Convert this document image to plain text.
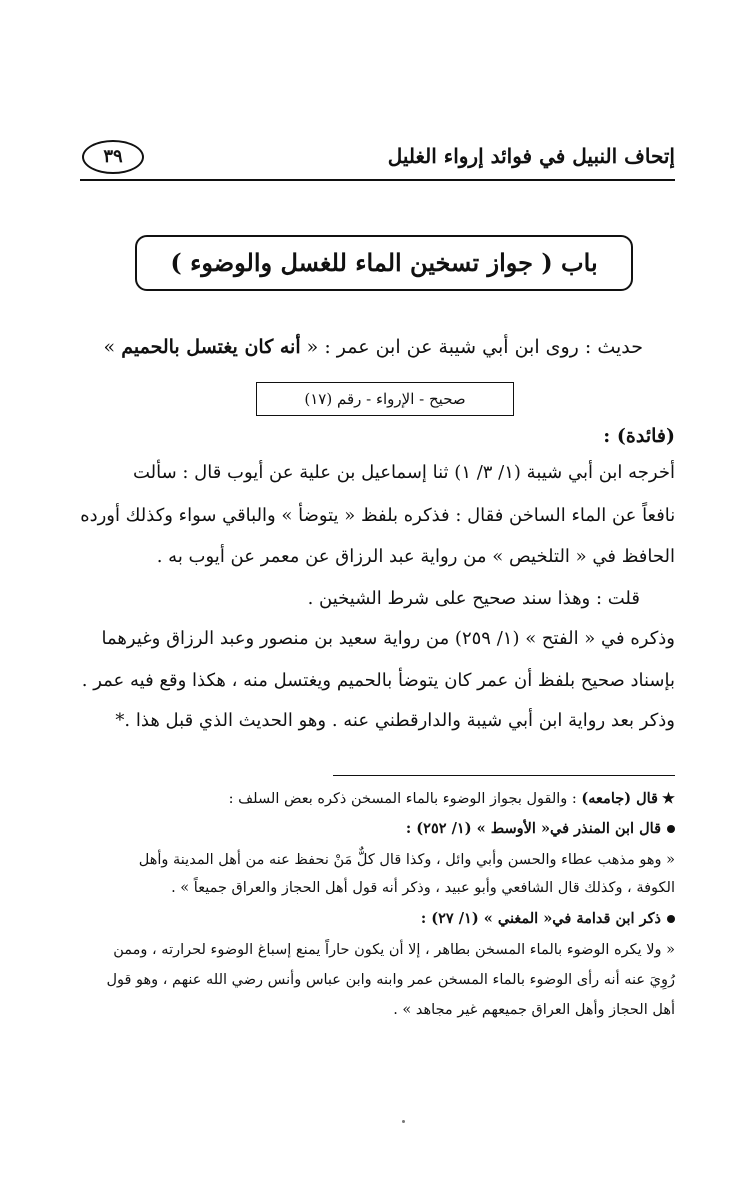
إتحاف النبيل في فوائد إرواء الغليل
٣٩
باب ( جواز تسخين الماء للغسل والوضوء )
حديث : روى ابن أبي شيبة عن ابن عمر : « أنه كان يغتسل بالحميم »
صحيح - الإرواء - رقم (١٧)
(فائدة) :
أخرجه ابن أبي شيبة (١/ ٣/ ١) ثنا إسماعيل بن علية عن أيوب قال : سألت
نافعاً عن الماء الساخن فقال : فذكره بلفظ « يتوضأ » والباقي سواء وكذلك أورده
الحافظ في « التلخيص » من رواية عبد الرزاق عن معمر عن أيوب به .
قلت : وهذا سند صحيح على شرط الشيخين .
وذكره في « الفتح » (١/ ٢٥٩) من رواية سعيد بن منصور وعبد الرزاق وغيرهما
بإسناد صحيح بلفظ أن عمر كان يتوضأ بالحميم ويغتسل منه ، هكذا وقع فيه عمر .
وذكر بعد رواية ابن أبي شيبة والدارقطني عنه . وهو الحديث الذي قبل هذا .*
★قال (جامعه) : والقول بجواز الوضوء بالماء المسخن ذكره بعض السلف :
قال ابن المنذر في« الأوسط » (١/ ٢٥٢) :
« وهو مذهب عطاء والحسن وأبي وائل ، وكذا قال كلٌّ مَنْ نحفظ عنه من أهل المدينة وأهل
الكوفة ، وكذلك قال الشافعي وأبو عبيد ، وذكر أنه قول أهل الحجاز والعراق جميعاً » .
ذكر ابن قدامة في« المغني » (١/ ٢٧) :
« ولا يكره الوضوء بالماء المسخن بطاهر ، إلا أن يكون حاراً يمنع إسباغ الوضوء لحرارته ، وممن
رُوِيَ عنه أنه رأى الوضوء بالماء المسخن عمر وابنه وابن عباس وأنس رضي الله عنهم ، وهو قول
أهل الحجاز وأهل العراق جميعهم غير مجاهد » .
